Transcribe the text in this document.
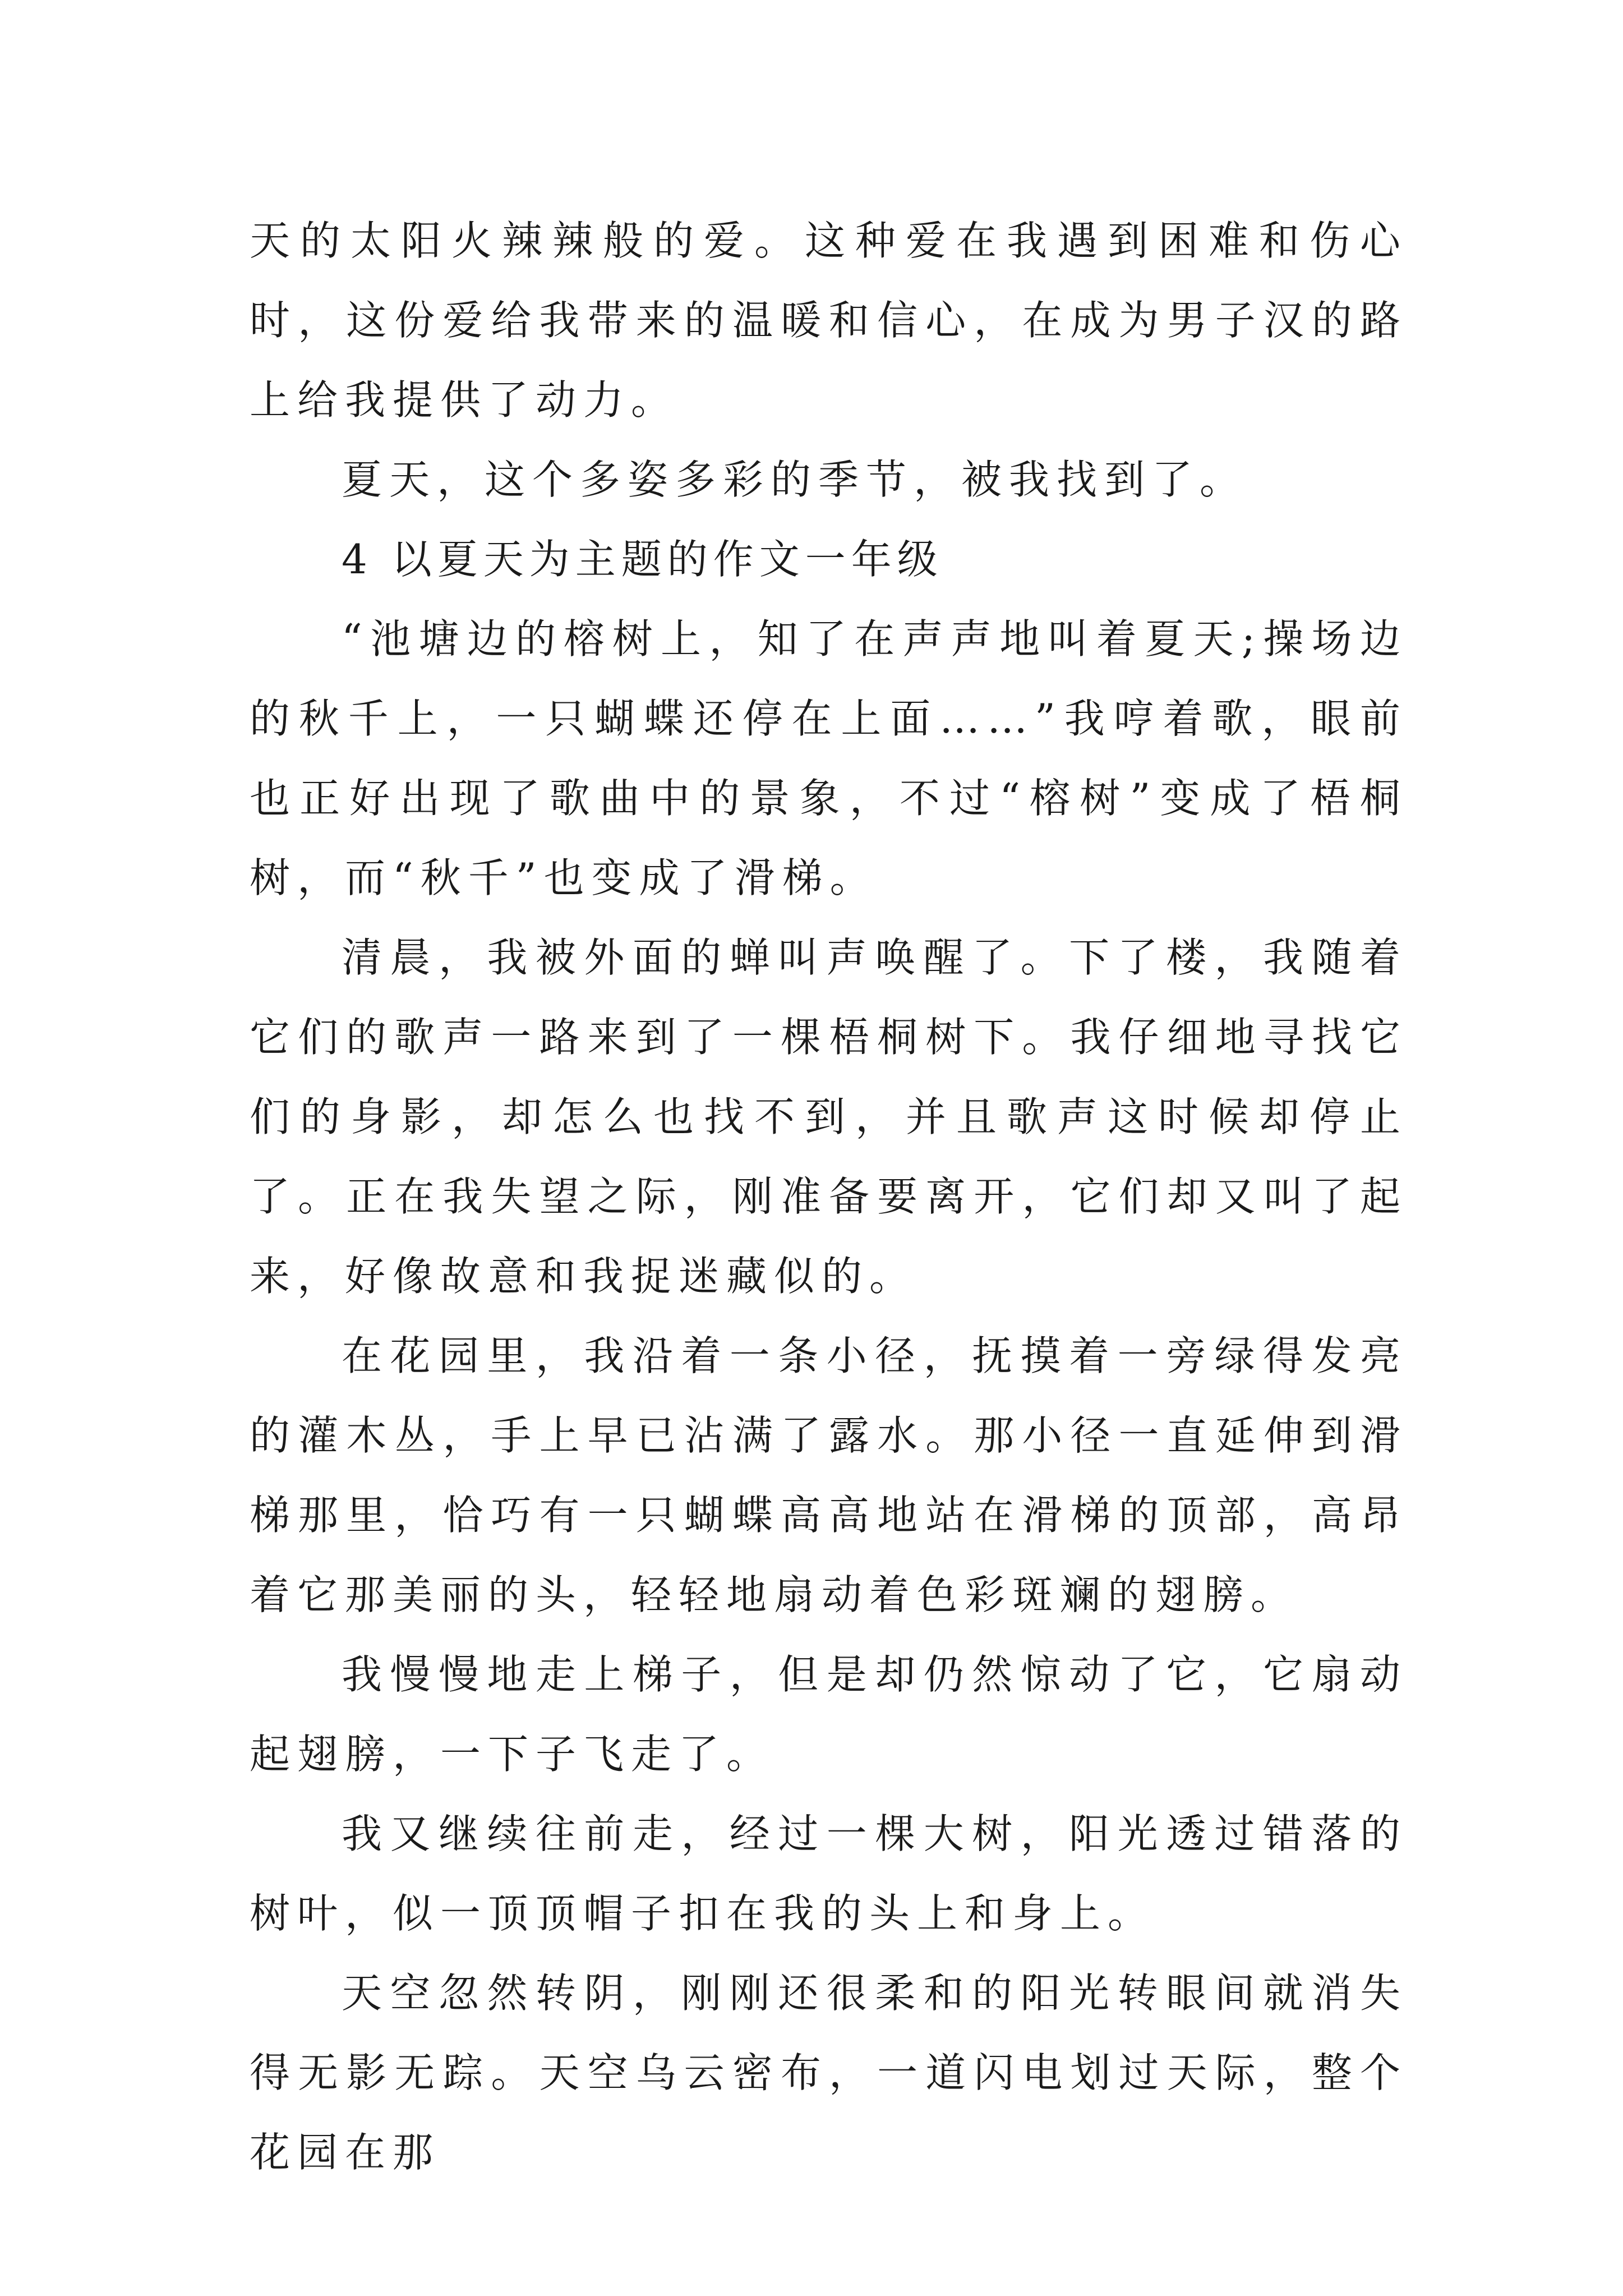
天的太阳火辣辣般的爱。这种爱在我遇到困难和伤心时，这份爱给我带来的温暖和信心，在成为男子汉的路上给我提供了动力。

夏天，这个多姿多彩的季节，被我找到了。

4 以夏天为主题的作文一年级

“池塘边的榕树上，知了在声声地叫着夏天;操场边的秋千上，一只蝴蝶还停在上面……”我哼着歌，眼前也正好出现了歌曲中的景象，不过“榕树”变成了梧桐树，而“秋千”也变成了滑梯。

清晨，我被外面的蝉叫声唤醒了。下了楼，我随着它们的歌声一路来到了一棵梧桐树下。我仔细地寻找它们的身影，却怎么也找不到，并且歌声这时候却停止了。正在我失望之际，刚准备要离开，它们却又叫了起来，好像故意和我捉迷藏似的。

在花园里，我沿着一条小径，抚摸着一旁绿得发亮的灌木丛，手上早已沾满了露水。那小径一直延伸到滑梯那里，恰巧有一只蝴蝶高高地站在滑梯的顶部，高昂着它那美丽的头，轻轻地扇动着色彩斑斓的翅膀。

我慢慢地走上梯子，但是却仍然惊动了它，它扇动起翅膀，一下子飞走了。

我又继续往前走，经过一棵大树，阳光透过错落的树叶，似一顶顶帽子扣在我的头上和身上。

天空忽然转阴，刚刚还很柔和的阳光转眼间就消失得无影无踪。天空乌云密布，一道闪电划过天际，整个花园在那
